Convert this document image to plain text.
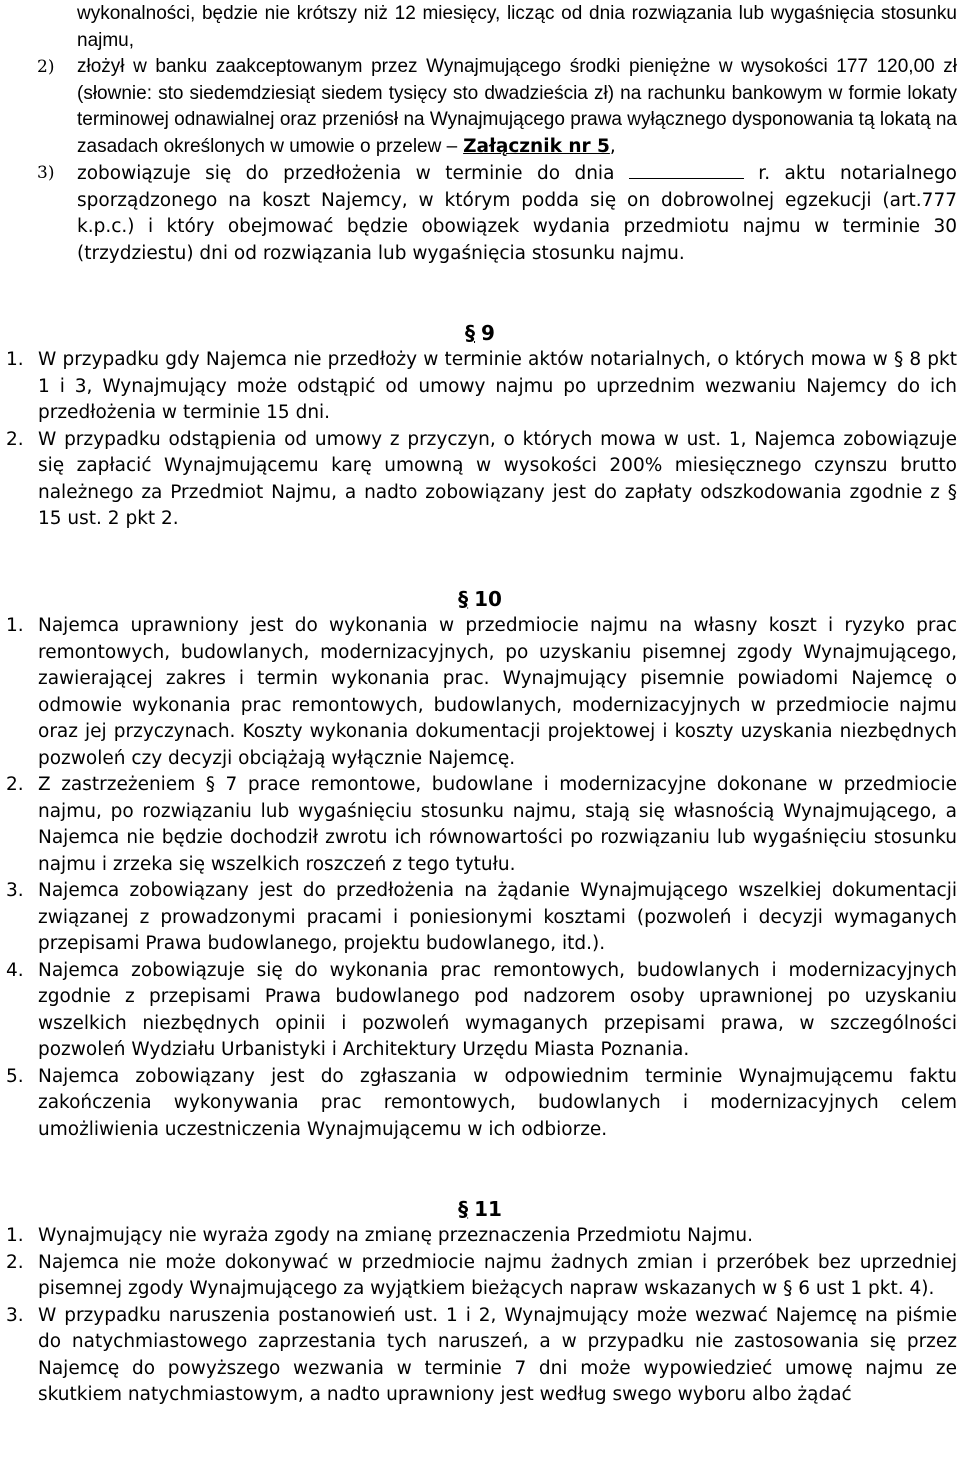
wykonalności, będzie nie krótszy niż 12 miesięcy, licząc od dnia rozwiązania lub wygaśnięcia stosunku najmu,
2) złożył w banku zaakceptowanym przez Wynajmującego środki pieniężne w wysokości 177 120,00 zł (słownie: sto siedemdziesiąt siedem tysięcy sto dwadzieścia zł) na rachunku bankowym w formie lokaty terminowej odnawialnej oraz przeniósł na Wynajmującego prawa wyłącznego dysponowania tą lokatą na zasadach określonych w umowie o przelew – Załącznik nr 5,
3) zobowiązuje się do przedłożenia w terminie do dnia	r. aktu notarialnego sporządzonego na koszt Najemcy, w którym podda się on dobrowolnej egzekucji (art.777 k.p.c.) i który obejmować będzie obowiązek wydania przedmiotu najmu w terminie 30 (trzydziestu) dni od rozwiązania lub wygaśnięcia stosunku najmu.
§ 9
1. W przypadku gdy Najemca nie przedłoży w terminie aktów notarialnych, o których mowa w § 8 pkt 1 i 3, Wynajmujący może odstąpić od umowy najmu po uprzednim wezwaniu Najemcy do ich przedłożenia w terminie 15 dni.
2. W przypadku odstąpienia od umowy z przyczyn, o których mowa w ust. 1, Najemca zobowiązuje się zapłacić Wynajmującemu karę umowną w wysokości 200% miesięcznego czynszu brutto należnego za Przedmiot Najmu, a nadto zobowiązany jest do zapłaty odszkodowania zgodnie z § 15 ust. 2 pkt 2.
§ 10
1. Najemca uprawniony jest do wykonania w przedmiocie najmu na własny koszt i ryzyko prac remontowych, budowlanych, modernizacyjnych, po uzyskaniu pisemnej zgody Wynajmującego, zawierającej zakres i termin wykonania prac. Wynajmujący pisemnie powiadomi Najemcę o odmowie wykonania prac remontowych, budowlanych, modernizacyjnych w przedmiocie najmu oraz jej przyczynach. Koszty wykonania dokumentacji projektowej i koszty uzyskania niezbędnych pozwoleń czy decyzji obciążają wyłącznie Najemcę.
2. Z zastrzeżeniem § 7 prace remontowe, budowlane i modernizacyjne dokonane w przedmiocie najmu, po rozwiązaniu lub wygaśnięciu stosunku najmu, stają się własnością Wynajmującego, a Najemca nie będzie dochodził zwrotu ich równowartości po rozwiązaniu lub wygaśnięciu stosunku najmu i zrzeka się wszelkich roszczeń z tego tytułu.
3. Najemca zobowiązany jest do przedłożenia na żądanie Wynajmującego wszelkiej dokumentacji związanej z prowadzonymi pracami i poniesionymi kosztami (pozwoleń i decyzji wymaganych przepisami Prawa budowlanego, projektu budowlanego, itd.).
4. Najemca zobowiązuje się do wykonania prac remontowych, budowlanych i modernizacyjnych zgodnie z przepisami Prawa budowlanego pod nadzorem osoby uprawnionej po uzyskaniu wszelkich niezbędnych opinii i pozwoleń wymaganych przepisami prawa, w szczególności pozwoleń Wydziału Urbanistyki i Architektury Urzędu Miasta Poznania.
5. Najemca zobowiązany jest do zgłaszania w odpowiednim terminie Wynajmującemu faktu zakończenia wykonywania prac remontowych, budowlanych i modernizacyjnych celem umożliwienia uczestniczenia Wynajmującemu w ich odbiorze.
§ 11
1. Wynajmujący nie wyraża zgody na zmianę przeznaczenia Przedmiotu Najmu.
2. Najemca nie może dokonywać w przedmiocie najmu żadnych zmian i przeróbek bez uprzedniej pisemnej zgody Wynajmującego za wyjątkiem bieżących napraw wskazanych w § 6 ust 1 pkt. 4).
3. W przypadku naruszenia postanowień ust. 1 i 2, Wynajmujący może wezwać Najemcę na piśmie do natychmiastowego zaprzestania tych naruszeń, a w przypadku nie zastosowania się przez Najemcę do powyższego wezwania w terminie 7 dni może wypowiedzieć umowę najmu ze skutkiem natychmiastowym, a nadto uprawniony jest według swego wyboru albo żądać
